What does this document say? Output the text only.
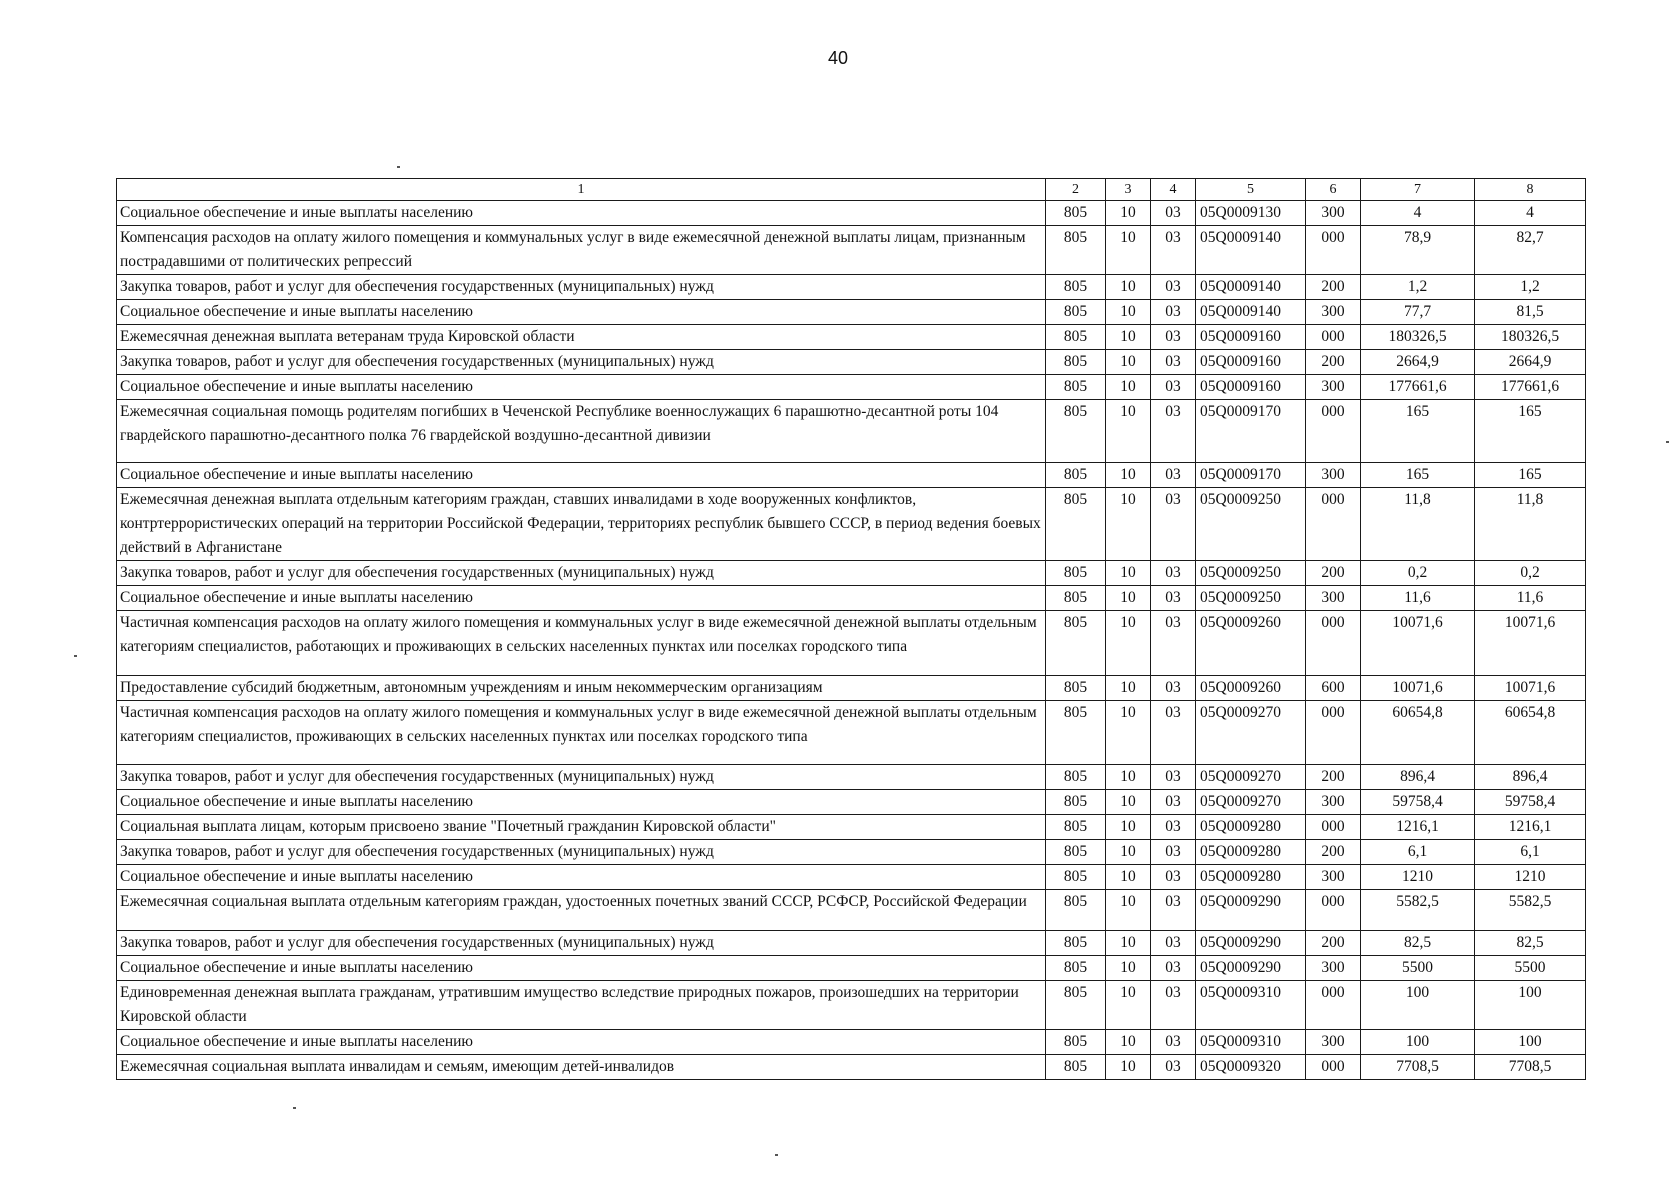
40
1	2	3	4	5	6	7	8
Социальное обеспечение и иные выплаты населению	805	10	03	05Q0009130	300	4	4
Компенсация расходов на оплату жилого помещения и коммунальных услуг в виде ежемесячной денежной выплаты лицам, признанным пострадавшими от политических репрессий	805	10	03	05Q0009140	000	78,9	82,7
Закупка товаров, работ и услуг для обеспечения государственных (муниципальных) нужд	805	10	03	05Q0009140	200	1,2	1,2
Социальное обеспечение и иные выплаты населению	805	10	03	05Q0009140	300	77,7	81,5
Ежемесячная денежная выплата ветеранам труда Кировской области	805	10	03	05Q0009160	000	180326,5	180326,5
Закупка товаров, работ и услуг для обеспечения государственных (муниципальных) нужд	805	10	03	05Q0009160	200	2664,9	2664,9
Социальное обеспечение и иные выплаты населению	805	10	03	05Q0009160	300	177661,6	177661,6
Ежемесячная социальная помощь родителям погибших в Чеченской Республике военнослужащих 6 парашютно-десантной роты 104 гвардейского парашютно-десантного полка 76 гвардейской воздушно-десантной дивизии	805	10	03	05Q0009170	000	165	165
Социальное обеспечение и иные выплаты населению	805	10	03	05Q0009170	300	165	165
Ежемесячная денежная выплата отдельным категориям граждан, ставших инвалидами в ходе вооруженных конфликтов, контртеррористических операций на территории Российской Федерации, территориях республик бывшего СССР, в период ведения боевых действий в Афганистане	805	10	03	05Q0009250	000	11,8	11,8
Закупка товаров, работ и услуг для обеспечения государственных (муниципальных) нужд	805	10	03	05Q0009250	200	0,2	0,2
Социальное обеспечение и иные выплаты населению	805	10	03	05Q0009250	300	11,6	11,6
Частичная компенсация расходов на оплату жилого помещения и коммунальных услуг в виде ежемесячной денежной выплаты отдельным категориям специалистов, работающих и проживающих в сельских населенных пунктах или поселках городского типа	805	10	03	05Q0009260	000	10071,6	10071,6
Предоставление субсидий бюджетным, автономным учреждениям и иным некоммерческим организациям	805	10	03	05Q0009260	600	10071,6	10071,6
Частичная компенсация расходов на оплату жилого помещения и коммунальных услуг в виде ежемесячной денежной выплаты отдельным категориям специалистов, проживающих в сельских населенных пунктах или поселках городского типа	805	10	03	05Q0009270	000	60654,8	60654,8
Закупка товаров, работ и услуг для обеспечения государственных (муниципальных) нужд	805	10	03	05Q0009270	200	896,4	896,4
Социальное обеспечение и иные выплаты населению	805	10	03	05Q0009270	300	59758,4	59758,4
Социальная выплата лицам, которым присвоено звание "Почетный гражданин Кировской области"	805	10	03	05Q0009280	000	1216,1	1216,1
Закупка товаров, работ и услуг для обеспечения государственных (муниципальных) нужд	805	10	03	05Q0009280	200	6,1	6,1
Социальное обеспечение и иные выплаты населению	805	10	03	05Q0009280	300	1210	1210
Ежемесячная социальная выплата отдельным категориям граждан, удостоенных почетных званий СССР, РСФСР, Российской Федерации	805	10	03	05Q0009290	000	5582,5	5582,5
Закупка товаров, работ и услуг для обеспечения государственных (муниципальных) нужд	805	10	03	05Q0009290	200	82,5	82,5
Социальное обеспечение и иные выплаты населению	805	10	03	05Q0009290	300	5500	5500
Единовременная денежная выплата гражданам, утратившим имущество вследствие природных пожаров, произошедших на территории Кировской области	805	10	03	05Q0009310	000	100	100
Социальное обеспечение и иные выплаты населению	805	10	03	05Q0009310	300	100	100
Ежемесячная социальная выплата инвалидам и семьям, имеющим детей-инвалидов	805	10	03	05Q0009320	000	7708,5	7708,5
